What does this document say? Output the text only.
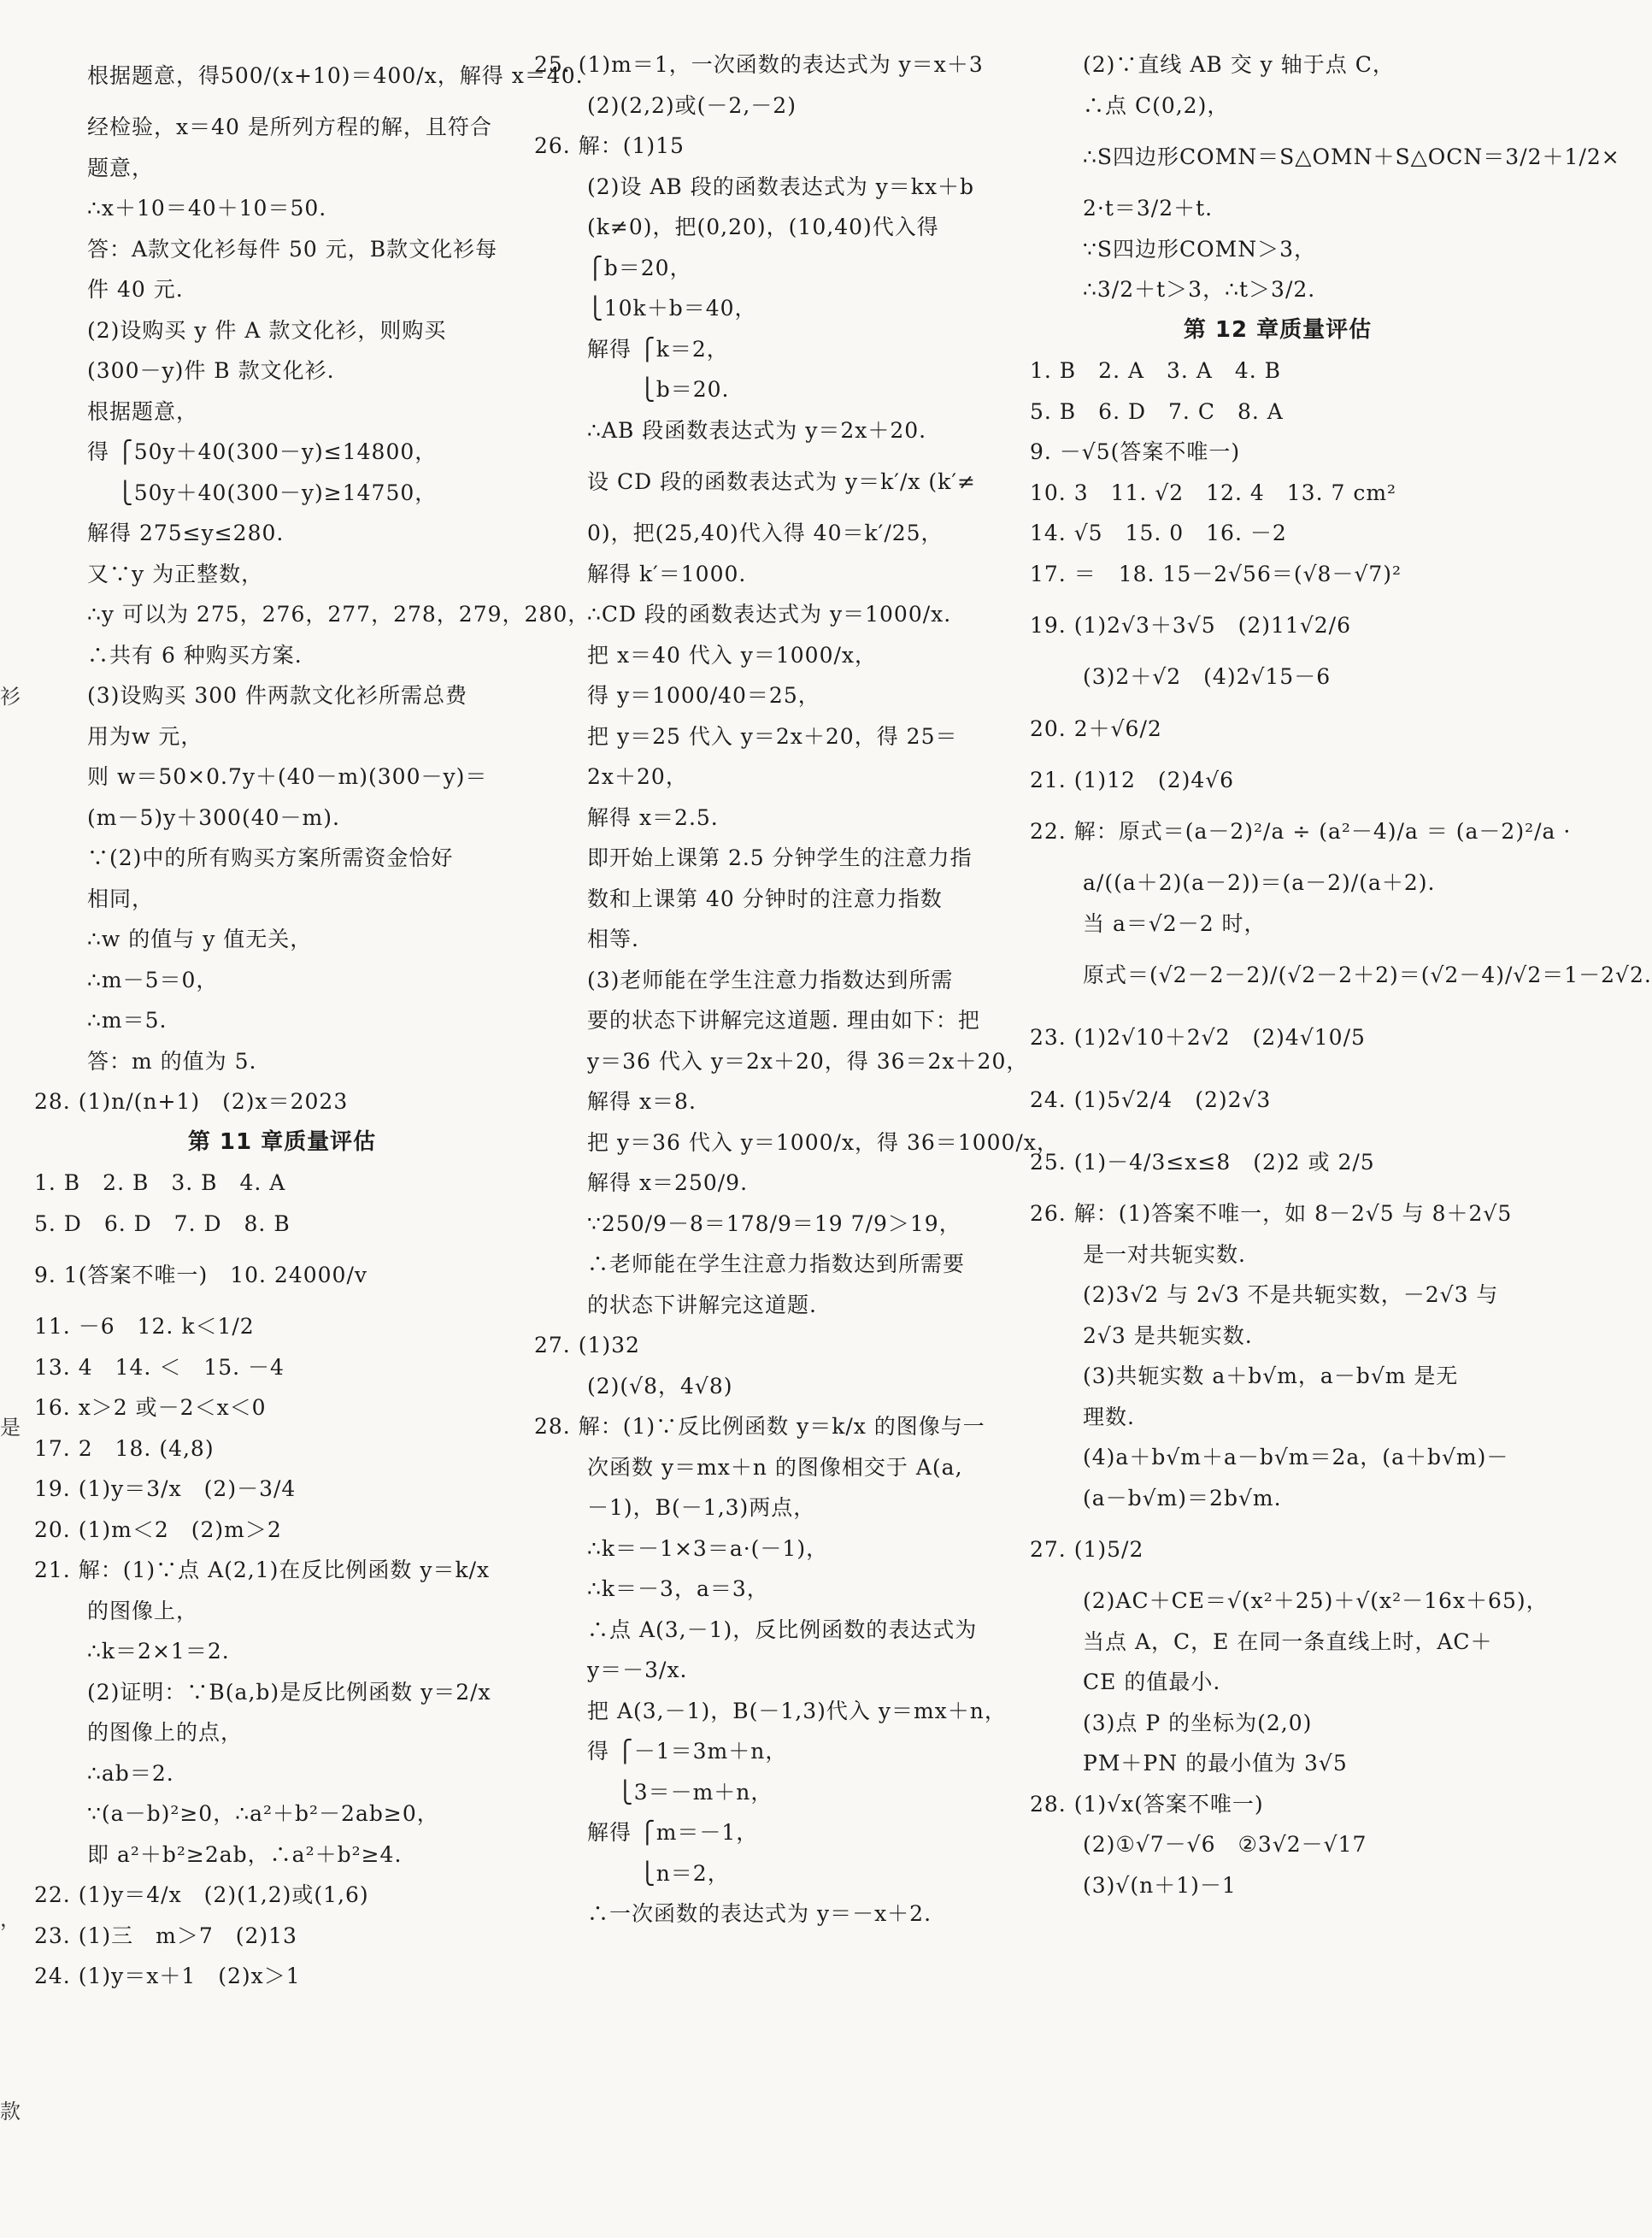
衫
是
，
款
根据题意，得500/(x+10)＝400/x，解得 x＝40.
经检验，x＝40 是所列方程的解，且符合
题意，
∴x＋10＝40＋10＝50.
答：A款文化衫每件 50 元，B款文化衫每
件 40 元.
(2)设购买 y 件 A 款文化衫，则购买
(300－y)件 B 款文化衫.
根据题意，
得 ⎧50y＋40(300－y)≤14800，
　 ⎩50y＋40(300－y)≥14750，
解得 275≤y≤280.
又∵y 为正整数，
∴y 可以为 275，276，277，278，279，280，
∴共有 6 种购买方案.
(3)设购买 300 件两款文化衫所需总费
用为w 元，
则 w＝50×0.7y＋(40－m)(300－y)＝
(m－5)y＋300(40－m).
∵(2)中的所有购买方案所需资金恰好
相同，
∴w 的值与 y 值无关，
∴m－5＝0，
∴m＝5.
答：m 的值为 5.
28. (1)n/(n+1)　(2)x＝2023
第 11 章质量评估
1. B　2. B　3. B　4. A
5. D　6. D　7. D　8. B
9. 1(答案不唯一)　10. 24000/v
11. －6　12. k＜1/2
13. 4　14. ＜　15. －4
16. x＞2 或－2＜x＜0
17. 2　18. (4,8)
19. (1)y＝3/x　(2)－3/4
20. (1)m＜2　(2)m＞2
21. 解：(1)∵点 A(2,1)在反比例函数 y＝k/x
的图像上，
∴k＝2×1＝2.
(2)证明：∵B(a,b)是反比例函数 y＝2/x
的图像上的点，
∴ab＝2.
∵(a－b)²≥0，∴a²＋b²－2ab≥0，
即 a²＋b²≥2ab，∴a²＋b²≥4.
22. (1)y＝4/x　(2)(1,2)或(1,6)
23. (1)三　m＞7　(2)13
24. (1)y＝x＋1　(2)x＞1
25. (1)m＝1，一次函数的表达式为 y＝x＋3
(2)(2,2)或(－2,－2)
26. 解：(1)15
(2)设 AB 段的函数表达式为 y＝kx＋b
(k≠0)，把(0,20)，(10,40)代入得
⎧b＝20，
⎩10k＋b＝40，
解得 ⎧k＝2，
　　 ⎩b＝20.
∴AB 段函数表达式为 y＝2x＋20.
设 CD 段的函数表达式为 y＝k′/x (k′≠
0)，把(25,40)代入得 40＝k′/25，
解得 k′＝1000.
∴CD 段的函数表达式为 y＝1000/x.
把 x＝40 代入 y＝1000/x，
得 y＝1000/40＝25，
把 y＝25 代入 y＝2x＋20，得 25＝
2x＋20，
解得 x＝2.5.
即开始上课第 2.5 分钟学生的注意力指
数和上课第 40 分钟时的注意力指数
相等.
(3)老师能在学生注意力指数达到所需
要的状态下讲解完这道题. 理由如下：把
y＝36 代入 y＝2x＋20，得 36＝2x＋20，
解得 x＝8.
把 y＝36 代入 y＝1000/x，得 36＝1000/x，
解得 x＝250/9.
∵250/9－8＝178/9＝19 7/9＞19，
∴老师能在学生注意力指数达到所需要
的状态下讲解完这道题.
27. (1)32
(2)(√8，4√8)
28. 解：(1)∵反比例函数 y＝k/x 的图像与一
次函数 y＝mx＋n 的图像相交于 A(a,
－1)，B(－1,3)两点，
∴k＝－1×3＝a·(－1)，
∴k＝－3，a＝3，
∴点 A(3,－1)，反比例函数的表达式为
y＝－3/x.
把 A(3,－1)，B(－1,3)代入 y＝mx＋n，
得 ⎧－1＝3m＋n，
　 ⎩3＝－m＋n，
解得 ⎧m＝－1，
　　 ⎩n＝2，
∴一次函数的表达式为 y＝－x＋2.
(2)∵直线 AB 交 y 轴于点 C，
∴点 C(0,2)，
∴S四边形COMN＝S△OMN＋S△OCN＝3/2＋1/2×
2·t＝3/2＋t.
∵S四边形COMN＞3，
∴3/2＋t＞3，∴t＞3/2.
第 12 章质量评估
1. B　2. A　3. A　4. B
5. B　6. D　7. C　8. A
9. －√5(答案不唯一)
10. 3　11. √2　12. 4　13. 7 cm²
14. √5　15. 0　16. －2
17. ＝　18. 15－2√56＝(√8－√7)²
19. (1)2√3＋3√5　(2)11√2/6
(3)2＋√2　(4)2√15－6
20. 2＋√6/2
21. (1)12　(2)4√6
22. 解：原式＝(a－2)²/a ÷ (a²－4)/a ＝ (a－2)²/a ·
a/((a＋2)(a－2))＝(a－2)/(a＋2).
当 a＝√2－2 时，
原式＝(√2－2－2)/(√2－2＋2)＝(√2－4)/√2＝1－2√2.
23. (1)2√10＋2√2　(2)4√10/5
24. (1)5√2/4　(2)2√3
25. (1)－4/3≤x≤8　(2)2 或 2/5
26. 解：(1)答案不唯一，如 8－2√5 与 8＋2√5
是一对共轭实数.
(2)3√2 与 2√3 不是共轭实数，－2√3 与
2√3 是共轭实数.
(3)共轭实数 a＋b√m，a－b√m 是无
理数.
(4)a＋b√m＋a－b√m＝2a，(a＋b√m)－
(a－b√m)＝2b√m.
27. (1)5/2
(2)AC＋CE＝√(x²＋25)＋√(x²－16x＋65)，
当点 A，C，E 在同一条直线上时，AC＋
CE 的值最小.
(3)点 P 的坐标为(2,0)
PM＋PN 的最小值为 3√5
28. (1)√x(答案不唯一)
(2)①√7－√6　②3√2－√17
(3)√(n＋1)－1
